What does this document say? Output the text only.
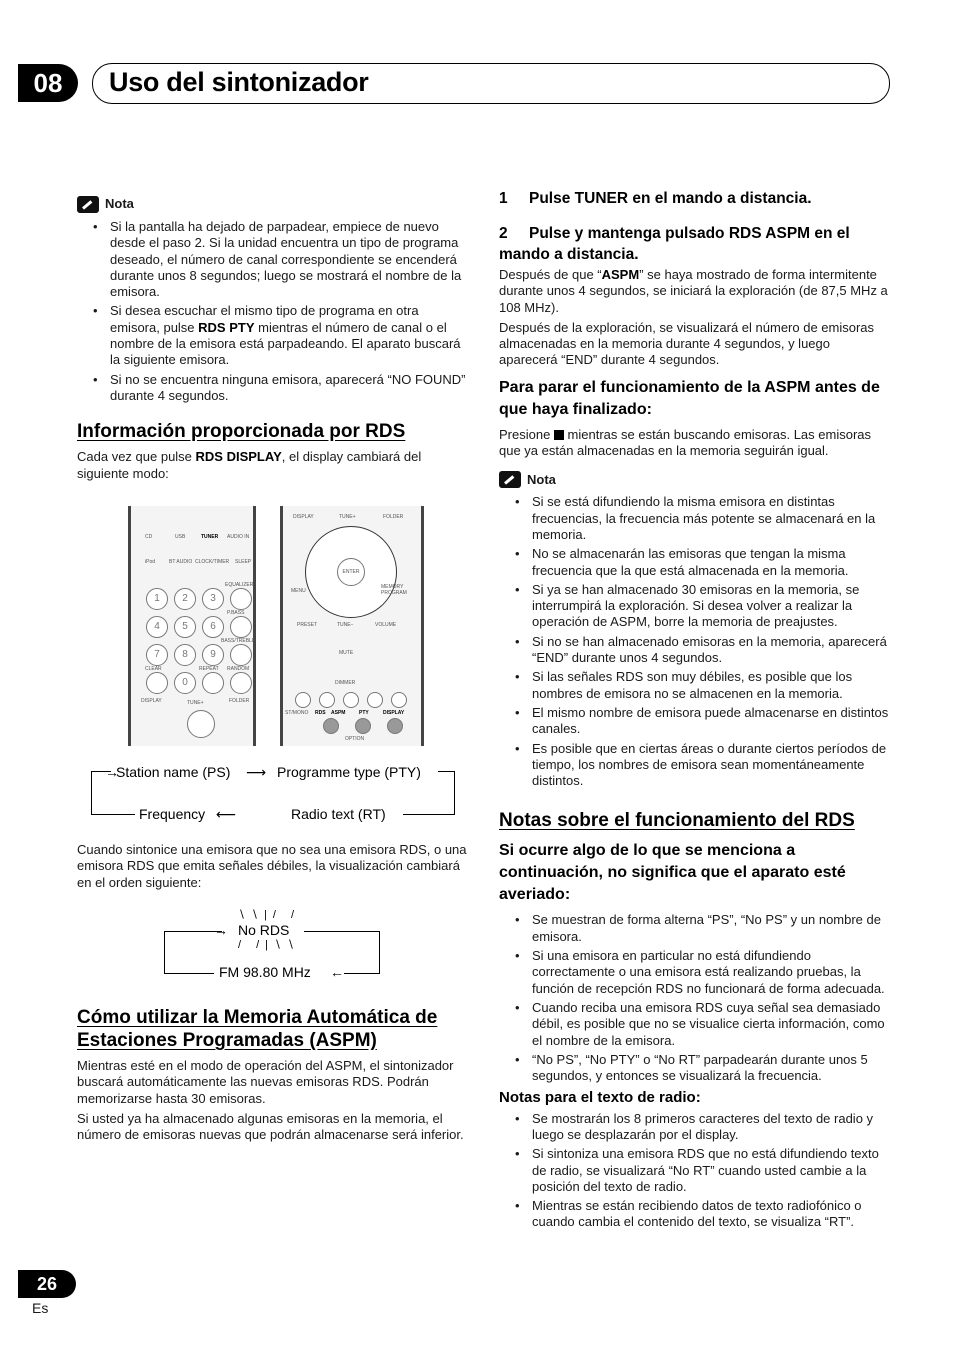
08	Uso del sintonizador
Nota
• Si la pantalla ha dejado de parpadear, empiece de nuevo desde el paso 2. Si la unidad encuentra un tipo de programa deseado, el número de canal correspondiente se encenderá durante unos 8 segundos; luego se mostrará el nombre de la emisora.
• Si desea escuchar el mismo tipo de programa en otra emisora, pulse RDS PTY mientras el número de canal o el nombre de la emisora está parpadeando. El aparato buscará la siguiente emisora.
• Si no se encuentra ninguna emisora, aparecerá “NO FOUND” durante 4 segundos.
Información proporcionada por RDS

Cada vez que pulse RDS DISPLAY, el display cambiará del siguiente modo:

CD	USB	TUNER AUDIO IN
iPod	BT AUDIO CLOCK/TIMER SLEEP
EQUALIZER
P.BASS
BASS/TREBLE
CLEAR	REPEAT RANDOM
DISPLAY	TUNE+	FOLDER
1	2	3
4	5	6
7	8	9
0
DISPLAY	TUNE+	FOLDER
ENTER
MENU
MEMORY PROGRAM
PRESET	TUNE−	VOLUME
MUTE
DIMMER
ST/MONO RDS ASPM	PTY	DISPLAY
OPTION
→
Station name (PS) ⟶ Programme type (PTY)
Radio text (RT)
⟵
Frequency

Cuando sintonice una emisora que no sea una emisora RDS, o una emisora RDS que emita señales débiles, la visualización cambiará en el orden siguiente:

→ No RDS
∖∖|/ /
/ /|∖∖
←
FM 98.80 MHz
Cómo utilizar la Memoria Automática de Estaciones Programadas (ASPM)

Mientras esté en el modo de operación del ASPM, el sintonizador buscará automáticamente las nuevas emisoras RDS. Podrán memorizarse hasta 30 emisoras.

Si usted ya ha almacenado algunas emisoras en la memoria, el número de emisoras nuevas que podrán almacenarse será inferior.

1 Pulse TUNER en el mando a distancia.
2 Pulse y mantenga pulsado RDS ASPM en el mando a distancia.

Después de que “ASPM” se haya mostrado de forma intermitente durante unos 4 segundos, se iniciará la exploración (de 87,5 MHz a 108 MHz).

Después de la exploración, se visualizará el número de emisoras almacenadas en la memoria durante 4 segundos, y luego aparecerá “END” durante 4 segundos.

Para parar el funcionamiento de la ASPM antes de que haya finalizado:

Presione  mientras se están buscando emisoras. Las emisoras que ya están almacenadas en la memoria seguirán igual.

Nota
• Si se está difundiendo la misma emisora en distintas frecuencias, la frecuencia más potente se almacenará en la memoria.
• No se almacenarán las emisoras que tengan la misma frecuencia que la que está almacenada en la memoria.
• Si ya se han almacenado 30 emisoras en la memoria, se interrumpirá la exploración. Si desea volver a realizar la operación de ASPM, borre la memoria de preajustes.
• Si no se han almacenado emisoras en la memoria, aparecerá “END” durante unos 4 segundos.
• Si las señales RDS son muy débiles, es posible que los nombres de emisora no se almacenen en la memoria.
• El mismo nombre de emisora puede almacenarse en distintos canales.
• Es posible que en ciertas áreas o durante ciertos períodos de tiempo, los nombres de emisora sean momentáneamente distintos.
Notas sobre el funcionamiento del RDS
Si ocurre algo de lo que se menciona a continuación, no significa que el aparato esté averiado:
• Se muestran de forma alterna “PS”, “No PS” y un nombre de emisora.
• Si una emisora en particular no está difundiendo correctamente o una emisora está realizando pruebas, la función de recepción RDS no funcionará de forma adecuada.
• Cuando reciba una emisora RDS cuya señal sea demasiado débil, es posible que no se visualice cierta información, como el nombre de la emisora.
• “No PS”, “No PTY” o “No RT” parpadearán durante unos 5 segundos, y entonces se visualizará la frecuencia.
Notas para el texto de radio:
• Se mostrarán los 8 primeros caracteres del texto de radio y luego se desplazarán por el display.
• Si sintoniza una emisora RDS que no está difundiendo texto de radio, se visualizará “No RT” cuando usted cambie a la posición del texto de radio.
• Mientras se están recibiendo datos de texto radiofónico o cuando cambia el contenido del texto, se visualiza “RT”.
26
Es
